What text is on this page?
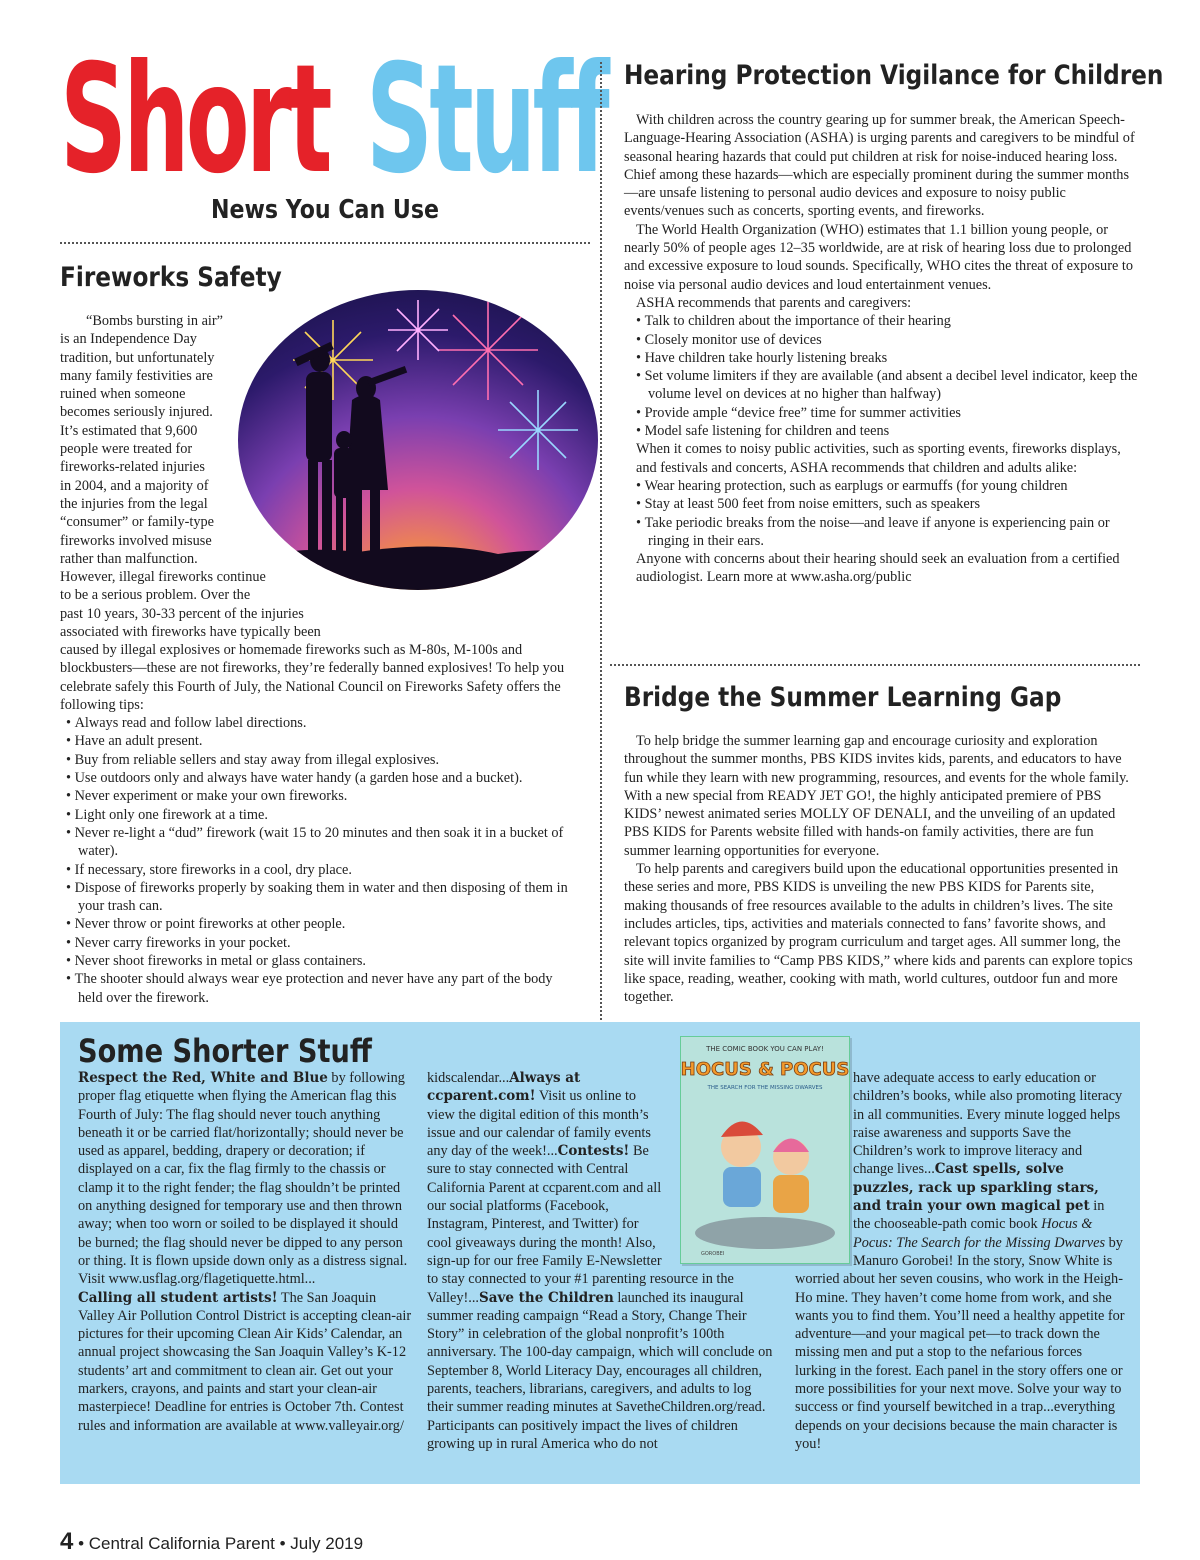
Short Stuff
News You Can Use
Fireworks Safety
“Bombs bursting in air”
is an Independence Day
tradition, but unfortunately
many family festivities are
ruined when someone
becomes seriously injured.
It’s estimated that 9,600
people were treated for
fireworks-related injuries
in 2004, and a majority of
the injuries from the legal
“consumer” or family-type
fireworks involved misuse
rather than malfunction.
However, illegal fireworks continue
to be a serious problem. Over the
past 10 years, 30-33 percent of the injuries
associated with fireworks have typically been

caused by illegal explosives or homemade fireworks such as M-80s, M-100s and blockbusters—these are not fireworks, they’re federally banned explosives! To help you celebrate safely this Fourth of July, the National Council on Fireworks Safety offers the following tips:

• Always read and follow label directions.
• Have an adult present.
• Buy from reliable sellers and stay away from illegal explosives.
• Use outdoors only and always have water handy (a garden hose and a bucket).
• Never experiment or make your own fireworks.
• Light only one firework at a time.
• Never re-light a “dud” firework (wait 15 to 20 minutes and then soak it in a bucket of water).
• If necessary, store fireworks in a cool, dry place.
• Dispose of fireworks properly by soaking them in water and then disposing of them in your trash can.
• Never throw or point fireworks at other people.
• Never carry fireworks in your pocket.
• Never shoot fireworks in metal or glass containers.
• The shooter should always wear eye protection and never have any part of the body held over the firework.
Hearing Protection Vigilance for Children

With children across the country gearing up for summer break, the American Speech-Language-Hearing Association (ASHA) is urging parents and caregivers to be mindful of seasonal hearing hazards that could put children at risk for noise-induced hearing loss. Chief among these hazards—which are especially prominent during the summer months—are unsafe listening to personal audio devices and exposure to noisy public events/venues such as concerts, sporting events, and fireworks.

The World Health Organization (WHO) estimates that 1.1 billion young people, or nearly 50% of people ages 12–35 worldwide, are at risk of hearing loss due to prolonged and excessive exposure to loud sounds. Specifically, WHO cites the threat of exposure to noise via personal audio devices and loud entertainment venues.

ASHA recommends that parents and caregivers:

• Talk to children about the importance of their hearing
• Closely monitor use of devices
• Have children take hourly listening breaks
• Set volume limiters if they are available (and absent a decibel level indicator, keep the volume level on devices at no higher than halfway)
• Provide ample “device free” time for summer activities
• Model safe listening for children and teens

When it comes to noisy public activities, such as sporting events, fireworks displays, and festivals and concerts, ASHA recommends that children and adults alike:

• Wear hearing protection, such as earplugs or earmuffs (for young children
• Stay at least 500 feet from noise emitters, such as speakers
• Take periodic breaks from the noise—and leave if anyone is experiencing pain or ringing in their ears.

Anyone with concerns about their hearing should seek an evaluation from a certified audiologist. Learn more at www.asha.org/public

Bridge the Summer Learning Gap

To help bridge the summer learning gap and encourage curiosity and exploration throughout the summer months, PBS KIDS invites kids, parents, and educators to have fun while they learn with new programming, resources, and events for the whole family. With a new special from READY JET GO!, the highly anticipated premiere of PBS KIDS’ newest animated series MOLLY OF DENALI, and the unveiling of an updated PBS KIDS for Parents website filled with hands-on family activities, there are fun summer learning opportunities for everyone.

To help parents and caregivers build upon the educational opportunities presented in these series and more, PBS KIDS is unveiling the new PBS KIDS for Parents site, making thousands of free resources available to the adults in children’s lives. The site includes articles, tips, activities and materials connected to fans’ favorite shows, and relevant topics organized by program curriculum and target ages. All summer long, the site will invite families to “Camp PBS KIDS,” where kids and parents can explore topics like space, reading, weather, cooking with math, world cultures, outdoor fun and more together.

Some Shorter Stuff
Respect the Red, White and Blue by following proper flag etiquette when flying the American flag this Fourth of July: The flag should never touch anything beneath it or be carried flat/horizontally; should never be used as apparel, bedding, drapery or decoration; if displayed on a car, fix the flag firmly to the chassis or clamp it to the right fender; the flag shouldn’t be printed on anything designed for temporary use and then thrown away; when too worn or soiled to be displayed it should be burned; the flag should never be dipped to any person or thing. It is flown upside down only as a distress signal. Visit www.usflag.org/flagetiquette.html...
Calling all student artists! The San Joaquin Valley Air Pollution Control District is accepting clean-air pictures for their upcoming Clean Air Kids’ Calendar, an annual project showcasing the San Joaquin Valley’s K-12 students’ art and commitment to clean air. Get out your markers, crayons, and paints and start your clean-air masterpiece! Deadline for entries is October 7th. Contest rules and information are available at www.valleyair.org/
kidscalendar...Always at ccparent.com! Visit us online to view the digital edition of this month’s issue and our calendar of family events any day of the week!...Contests! Be sure to stay connected with Central California Parent at ccparent.com and all our social platforms (Facebook, Instagram, Pinterest, and Twitter) for cool giveaways during the month! Also, sign-up for our free Family E-Newsletter to stay connected to your #1 parenting resource in the Valley!...Save the Children launched its inaugural summer reading campaign “Read a Story, Change Their Story” in celebration of the global nonprofit’s 100th anniversary. The 100-day campaign, which will conclude on September 8, World Literacy Day, encourages all children, parents, teachers, librarians, caregivers, and adults to log their summer reading minutes at SavetheChildren.org/read. Participants can positively impact the lives of children growing up in rural America who do not
have adequate access to early education or children’s books, while also promoting literacy in all communities. Every minute logged helps raise awareness and supports Save the Children’s work to improve literacy and change lives...Cast spells, solve puzzles, rack up sparkling stars, and train your own magical pet in the chooseable-path comic book Hocus & Pocus: The Search for the Missing Dwarves by Manuro Gorobei! In the story, Snow White is worried about her seven cousins, who work in the Heigh-Ho mine. They haven’t come home from work, and she wants you to find them. You’ll need a healthy appetite for adventure—and your magical pet—to track down the missing men and put a stop to the nefarious forces lurking in the forest. Each panel in the story offers one or more possibilities for your next move. Solve your way to success or find yourself bewitched in a trap...everything depends on your decisions because the main character is you!
THE COMIC BOOK YOU CAN PLAY!
HOCUS & POCUS
THE SEARCH FOR THE MISSING DWARVES
GOROBEI
4 • Central California Parent • July 2019
